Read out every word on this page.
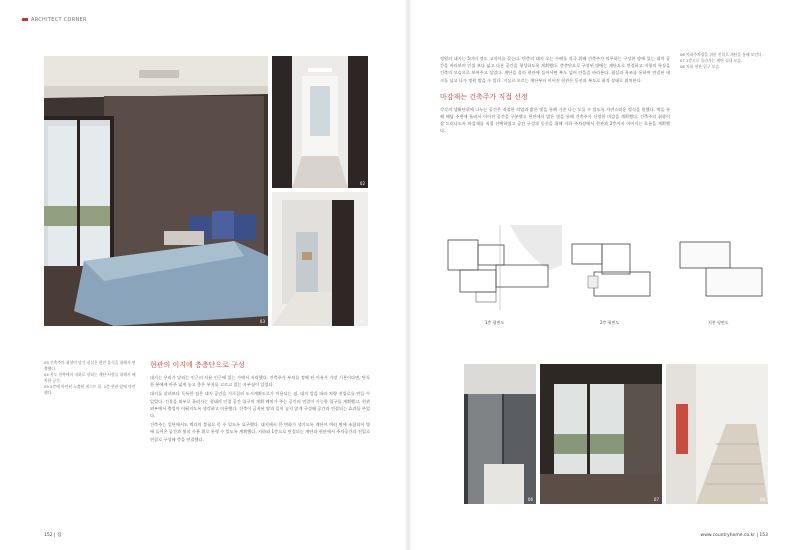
ARCHITECT CORNER
03
02
04

03 건축주의 취향이 담긴 침실은 편안 휴식을 위해서 연출했다.

04 복도 한쪽에서 지하로 향하는 계단 사람들 위해서 배치한 공간.

05 2층에 마련된 노출된 게스트 룸. 1층 현관 앞에 마련했다.

현관의 이지에 층층단으로 구성

대지는 우리가 달리는 인근의 사유 인근에 있는 가에서 자리했다. 건축주가 부처를 정해 된 이유가 가장 기본이다면, 단독 한 분에게 아주 넓게 놓고 좋은 부지를 고르고 있는 자부심이 있었다.

대지를 살펴보다 독특한 점은 대지 공간을 가로질러 도시계획도로가 이용되는 점. 대지 앞을 따라 차량 진입로를 만들 수 있었다. 건물을 외부로 흘러가는 형태의 인접 공간 입구의 계획 배치가 주는 공간의 연결이 가능한 입구를 계획했고, 현관 외부에서 출입이 이뤄지도록 생각하고 이용했다. 건축이 금지된 땅과 일이 높지 않게 구성해 공간과 연결되는 효과를 주었다.

건축주는 일단에서도 벽과의 불필요 목 수 있도록 요구했다. 대지에서 큰 변화가 생기도록 계단이 여러 면에 조합되어 방에 들어온 공간과 빛의 사용 위로 통행 수 있도록 계획했다. 지하와 1층으로 연결되는 계단과 현관에서 주차공간과 진입로 연결로 구성해 층을 연결했다.

152 | 집

정원의 대지는 5미터 정도 고저차를 갖는다. 단층의 대지 오는 수배를 적극 위해 건축주가 의무하는 구성한 방에 있는 대지 공간을 바라보며 인접 보다 넓고 다른 공간을 형성하도록 계획했다. 층층단으로 구성된 방에는 계단으로 연결하고 지형의 특징을 건축의 모습으로 보여주고 싶었다. 계단을 올라 현관에 들어서면 복도 넘어 안뜰을 바라본다. 침실과 욕조를 통하여 연결된 데크를 넘고 나가 정원 밖을 수 있다. 거실로 오르는 계단부터 이어진 현관은 동선과 복도로 최적 상태로 위치한다.

마감재는 건축주가 직접 선정

각각의 생활단위에 나누는 공간은 적절한 작업과 밝은 빛을 통해 기존 나는 도를 수 있도록 자연스러운 정식을 원했다. 벽을 통해 해당 주변에 흘러서 이어진 공간을 구분했고 현관에서 밝은 빛을 통해 건축주가 선정한 마감을 계획했다. 건축주의 취향이 잘 드러나도록 마감재를 직접 선택하였고 공간 구성과 동선을 위해 지하 주차장에서 현관과 2층까지 이어지는 흐름을 계획했다.

06 지하주차장을 위한 진입로 계단을 통해 보인다.

07 2층으로 올라가는 계단 실내 모습.

08 지하 현관 입구 모습.

1층 평면도	2층 평면도	지붕 평면도
06	07	08
www.countryhome.co.kr | 153
